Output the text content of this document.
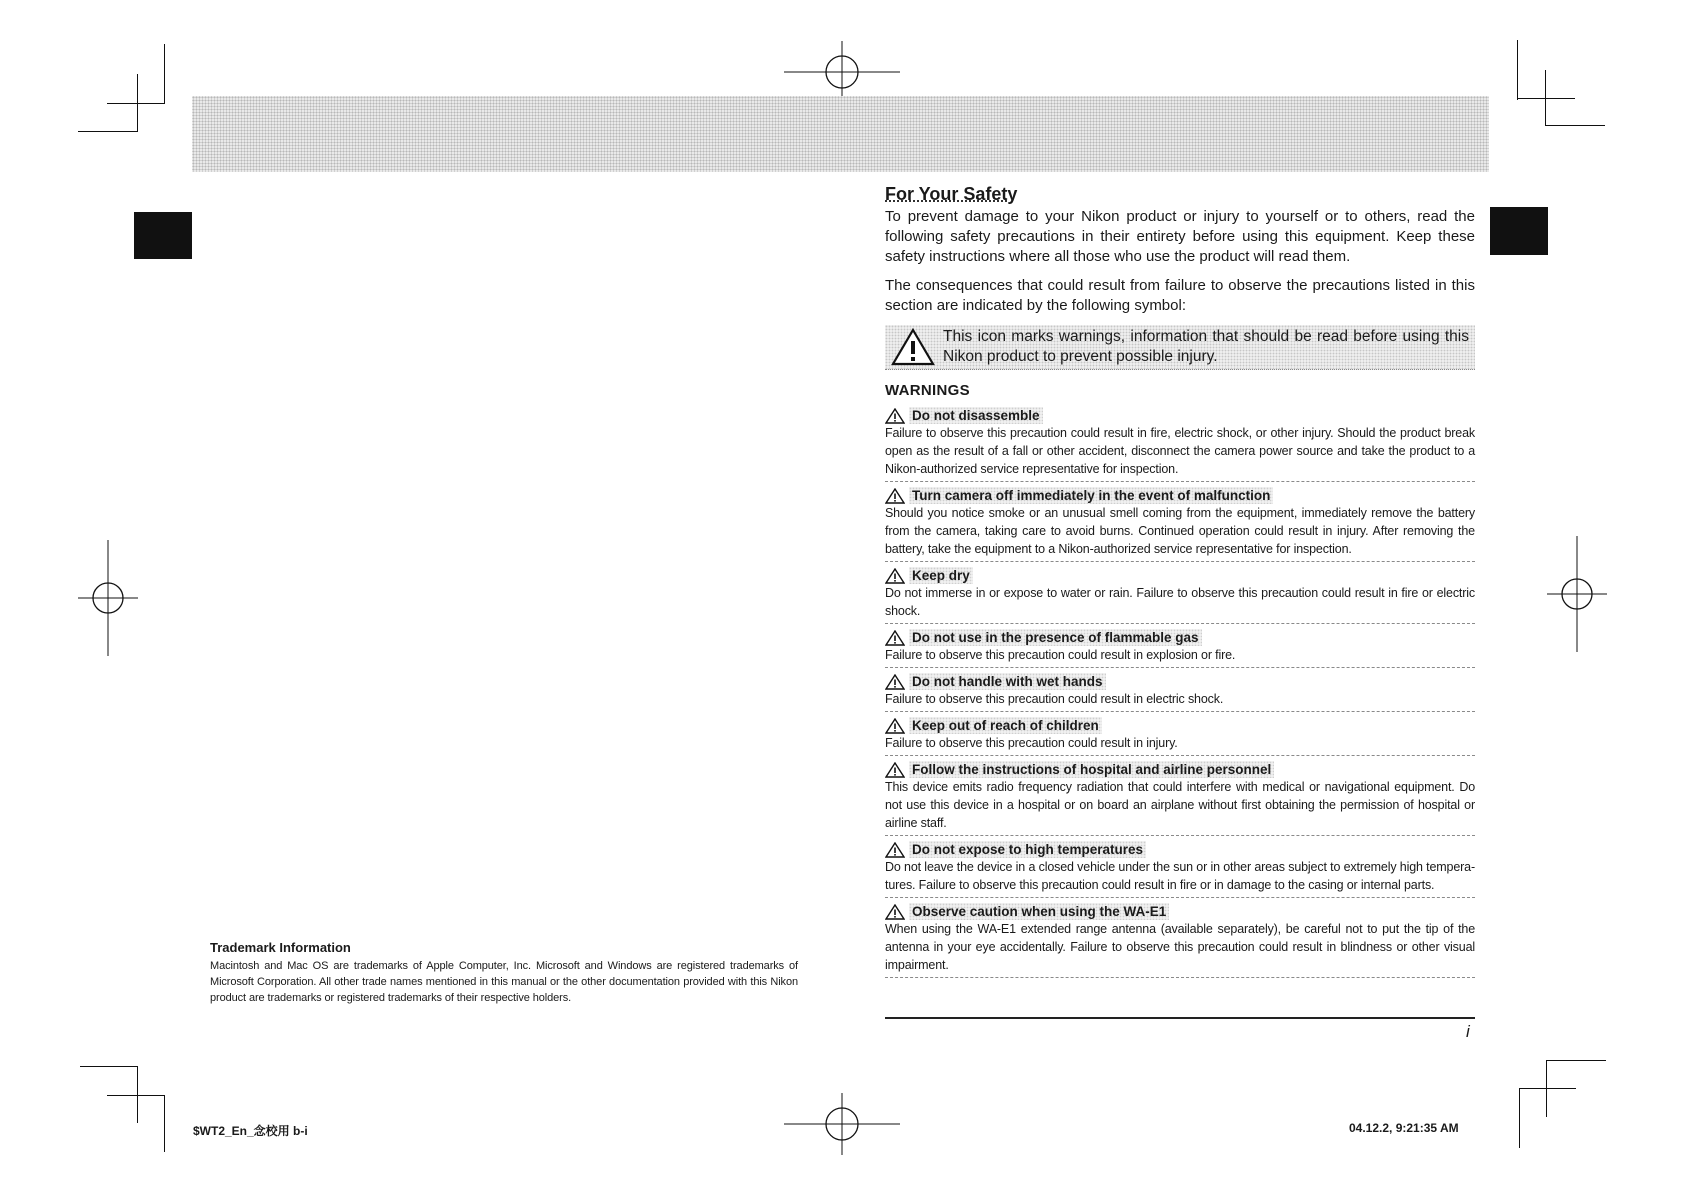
For Your Safety

To prevent damage to your Nikon product or injury to yourself or to others, read the following safety precautions in their entirety before using this equipment. Keep these safety instructions where all those who use the product will read them.

The consequences that could result from failure to observe the precautions listed in this section are indicated by the following symbol:

This icon marks warnings, information that should be read before using this Nikon product to prevent possible injury.
WARNINGS
Do not disassemble
Failure to observe this precaution could result in fire, electric shock, or other injury. Should the product break open as the result of a fall or other accident, disconnect the camera power source and take the product to a Nikon-authorized service representative for inspection.
Turn camera off immediately in the event of malfunction
Should you notice smoke or an unusual smell coming from the equipment, immediately remove the battery from the camera, taking care to avoid burns. Continued operation could result in injury. After removing the battery, take the equipment to a Nikon-authorized service representative for inspection.
Keep dry
Do not immerse in or expose to water or rain. Failure to observe this precaution could result in fire or electric shock.
Do not use in the presence of flammable gas
Failure to observe this precaution could result in explosion or fire.
Do not handle with wet hands
Failure to observe this precaution could result in electric shock.
Keep out of reach of children
Failure to observe this precaution could result in injury.
Follow the instructions of hospital and airline personnel
This device emits radio frequency radiation that could interfere with medical or navigational equipment. Do not use this device in a hospital or on board an airplane without first obtaining the permission of hospital or airline staff.
Do not expose to high temperatures
Do not leave the device in a closed vehicle under the sun or in other areas subject to extremely high tempera-tures. Failure to observe this precaution could result in fire or in damage to the casing or internal parts.
Observe caution when using the WA-E1
When using the WA-E1 extended range antenna (available separately), be careful not to put the tip of the antenna in your eye accidentally. Failure to observe this precaution could result in blindness or other visual impairment.
i
Trademark Information
Macintosh and Mac OS are trademarks of Apple Computer, Inc. Microsoft and Windows are registered trademarks of Microsoft Corporation. All other trade names mentioned in this manual or the other documentation provided with this Nikon product are trademarks or registered trademarks of their respective holders.
$WT2_En_念校用 b-i	04.12.2, 9:21:35 AM
